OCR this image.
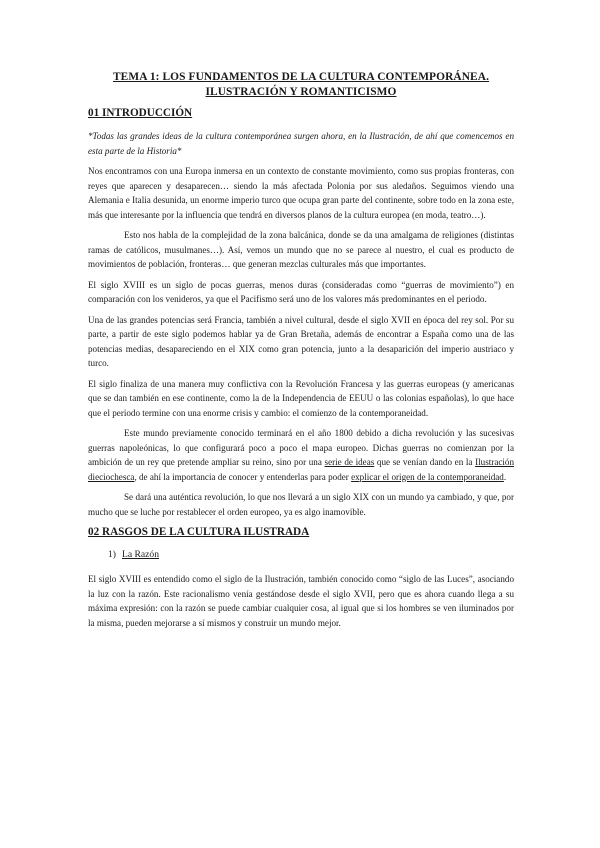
TEMA 1: LOS FUNDAMENTOS DE LA CULTURA CONTEMPORÁNEA.
ILUSTRACIÓN Y ROMANTICISMO
01 INTRODUCCIÓN

*Todas las grandes ideas de la cultura contemporánea surgen ahora, en la Ilustración, de ahí que comencemos en esta parte de la Historia*

Nos encontramos con una Europa inmersa en un contexto de constante movimiento, como sus propias fronteras, con reyes que aparecen y desaparecen… siendo la más afectada Polonia por sus aledaños. Seguimos viendo una Alemania e Italia desunida, un enorme imperio turco que ocupa gran parte del continente, sobre todo en la zona este, más que interesante por la influencia que tendrá en diversos planos de la cultura europea (en moda, teatro…).

Esto nos habla de la complejidad de la zona balcánica, donde se da una amalgama de religiones (distintas ramas de católicos, musulmanes…). Así, vemos un mundo que no se parece al nuestro, el cual es producto de movimientos de población, fronteras… que generan mezclas culturales más que importantes.

El siglo XVIII es un siglo de pocas guerras, menos duras (consideradas como “guerras de movimiento”) en comparación con los venideros, ya que el Pacifismo será uno de los valores más predominantes en el periodo.

Una de las grandes potencias será Francia, también a nivel cultural, desde el siglo XVII en época del rey sol. Por su parte, a partir de este siglo podemos hablar ya de Gran Bretaña, además de encontrar a España como una de las potencias medias, desapareciendo en el XIX como gran potencia, junto a la desaparición del imperio austriaco y turco.

El siglo finaliza de una manera muy conflictiva con la Revolución Francesa y las guerras europeas (y americanas que se dan también en ese continente, como la de la Independencia de EEUU o las colonias españolas), lo que hace que el periodo termine con una enorme crisis y cambio: el comienzo de la contemporaneidad.

Este mundo previamente conocido terminará en el año 1800 debido a dicha revolución y las sucesivas guerras napoleónicas, lo que configurará poco a poco el mapa europeo. Dichas guerras no comienzan por la ambición de un rey que pretende ampliar su reino, sino por una serie de ideas que se venían dando en la Ilustración dieciochesca, de ahí la importancia de conocer y entenderlas para poder explicar el origen de la contemporaneidad.

Se dará una auténtica revolución, lo que nos llevará a un siglo XIX con un mundo ya cambiado, y que, por mucho que se luche por restablecer el orden europeo, ya es algo inamovible.

02 RASGOS DE LA CULTURA ILUSTRADA
1) La Razón

El siglo XVIII es entendido como el siglo de la Ilustración, también conocido como “siglo de las Luces”, asociando la luz con la razón. Este racionalismo venía gestándose desde el siglo XVII, pero que es ahora cuando llega a su máxima expresión: con la razón se puede cambiar cualquier cosa, al igual que si los hombres se ven iluminados por la misma, pueden mejorarse a sí mismos y construir un mundo mejor.
